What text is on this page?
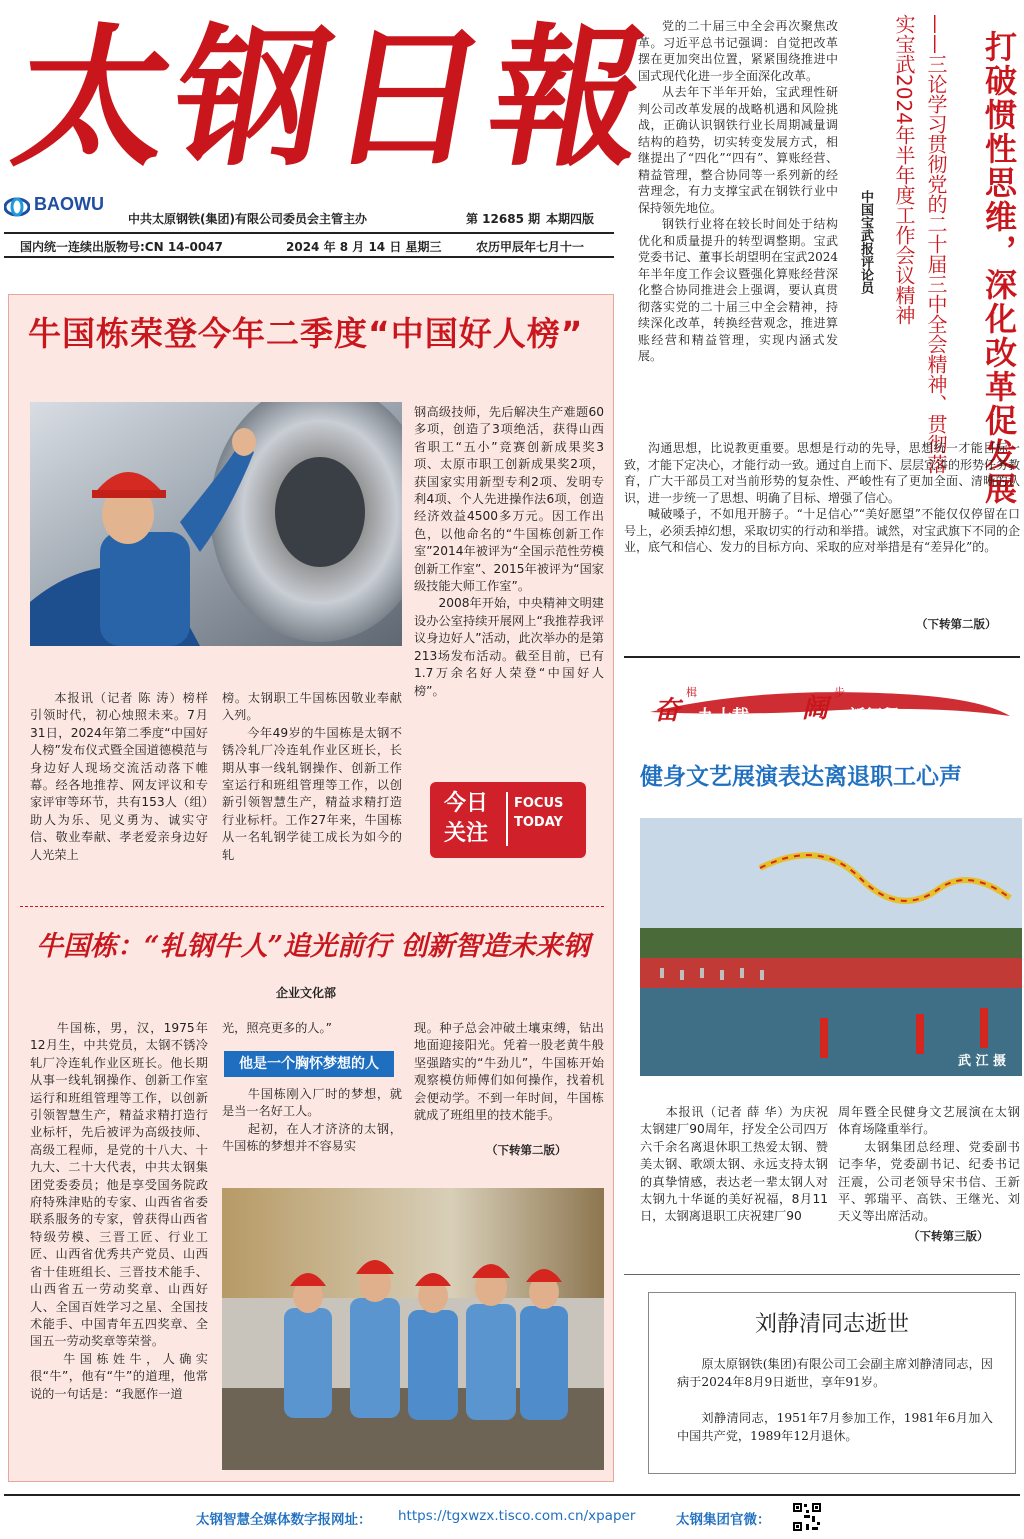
太钢日報
BAOWU
中共太原钢铁(集团)有限公司委员会主管主办	第 12685 期 本期四版
国内统一连续出版物号:CN 14-0047	2024 年 8 月 14 日 星期三	农历甲辰年七月十一	打破惯性思维，深化改革促发展
——三论学习贯彻党的二十届三中全会精神、贯彻落实宝武2024年半年度工作会议精神
中国宝武报评论员

党的二十届三中全会再次聚焦改革。习近平总书记强调：自觉把改革摆在更加突出位置，紧紧围绕推进中国式现代化进一步全面深化改革。

从去年下半年开始，宝武理性研判公司改革发展的战略机遇和风险挑战，正确认识钢铁行业长周期减量调结构的趋势，切实转变发展方式，相继提出了“四化”“四有”、算账经营、精益管理，整合协同等一系列新的经营理念，有力支撑宝武在钢铁行业中保持领先地位。

钢铁行业将在较长时间处于结构优化和质量提升的转型调整期。宝武党委书记、董事长胡望明在宝武2024年半年度工作会议暨强化算账经营深化整合协同推进会上强调，要认真贯彻落实党的二十届三中全会精神，持续深化改革，转换经营观念，推进算账经营和精益管理，实现内涵式发展。

沟通思想，比说教更重要。思想是行动的先导，思想统一才能目标一致，才能下定决心，才能行动一致。通过自上而下、层层宣讲的形势任务教育，广大干部员工对当前形势的复杂性、严峻性有了更加全面、清晰的认识，进一步统一了思想、明确了目标、增强了信心。

喊破嗓子，不如甩开膀子。“十足信心”“美好愿望”不能仅仅停留在口号上，必须丢掉幻想，采取切实的行动和举措。诚然，对宝武旗下不同的企业，底气和信心、发力的目标方向、采取的应对举措是有“差异化”的。

（下转第二版）
牛国栋荣登今年二季度“中国好人榜”
钢高级技师，先后解决生产难题60多项，创造了3项绝活，获得山西省职工“五小”竞赛创新成果奖3项、太原市职工创新成果奖2项，获国家实用新型专利2项、发明专利4项、个人先进操作法6项，创造经济效益4500多万元。因工作出色，以他命名的“牛国栋创新工作室”2014年被评为“全国示范性劳模创新工作室”、2015年被评为“国家级技能大师工作室”。
　　2008年开始，中央精神文明建设办公室持续开展网上“我推荐我评议身边好人”活动，此次举办的是第213场发布活动。截至目前，已有1.7万余名好人荣登“中国好人榜”。
本报讯（记者 陈 涛）榜样引领时代，初心烛照未来。7月31日，2024年第二季度“中国好人榜”发布仪式暨全国道德模范与身边好人现场交流活动落下帷幕。经各地推荐、网友评议和专家评审等环节，共有153人（组）助人为乐、见义勇为、诚实守信、敬业奉献、孝老爱亲身边好人光荣上
榜。太钢职工牛国栋因敬业奉献入列。
　　今年49岁的牛国栋是太钢不锈冷轧厂冷连轧作业区班长，长期从事一线轧钢操作、创新工作室运行和班组管理等工作，以创新引领智慧生产，精益求精打造行业标杆。工作27年来，牛国栋从一名轧钢学徒工成长为如今的轧
今日
关注
FOCUS TODAY
牛国栋：“轧钢牛人”追光前行 创新智造未来钢
企业文化部
　　牛国栋，男，汉，1975年12月生，中共党员，太钢不锈冷轧厂冷连轧作业区班长。他长期从事一线轧钢操作、创新工作室运行和班组管理等工作，以创新引领智慧生产，精益求精打造行业标杆，先后被评为高级技师、高级工程师，是党的十八大、十九大、二十大代表，中共太钢集团党委委员；他是享受国务院政府特殊津贴的专家、山西省省委联系服务的专家，曾获得山西省特级劳模、三晋工匠、行业工匠、山西省优秀共产党员、山西省十佳班组长、三晋技术能手、山西省五一劳动奖章、山西好人、全国百姓学习之星、全国技术能手、中国青年五四奖章、全国五一劳动奖章等荣誉。
　　牛国栋姓牛，人确实很“牛”，他有“牛”的道理，他常说的一句话是：“我愿作一道
光，照亮更多的人。”
他是一个胸怀梦想的人
　　牛国栋刚入厂时的梦想，就是当一名好工人。
　　起初，在人才济济的太钢，牛国栋的梦想并不容易实
现。种子总会冲破土壤束缚，钻出地面迎接阳光。凭着一股老黄牛般坚强踏实的“牛劲儿”，牛国栋开始观察模仿师傅们如何操作，找着机会便动学。不到一年时间，牛国栋就成了班组里的技术能手。
（下转第二版）
奋
楫
九十载 阔
步
新征程
健身文艺展演表达离退职工心声
武 江 摄
　　本报讯（记者 薛 华）为庆祝太钢建厂90周年，抒发全公司四万六千余名离退休职工热爱太钢、赞美太钢、歌颂太钢、永远支持太钢的真挚情感，表达老一辈太钢人对太钢九十华诞的美好祝福，8月11日，太钢离退职工庆祝建厂90
周年暨全民健身文艺展演在太钢体育场隆重举行。
　　太钢集团总经理、党委副书记李华，党委副书记、纪委书记汪震，公司老领导宋书信、王新平、郭瑞平、高铁、王继光、刘天义等出席活动。
（下转第三版）
刘静清同志逝世
原太原钢铁(集团)有限公司工会副主席刘静清同志，因病于2024年8月9日逝世，享年91岁。
刘静清同志，1951年7月参加工作，1981年6月加入中国共产党，1989年12月退休。
太钢智慧全媒体数字报网址： https://tgxwzx.tisco.com.cn/xpaper	太钢集团官微：
